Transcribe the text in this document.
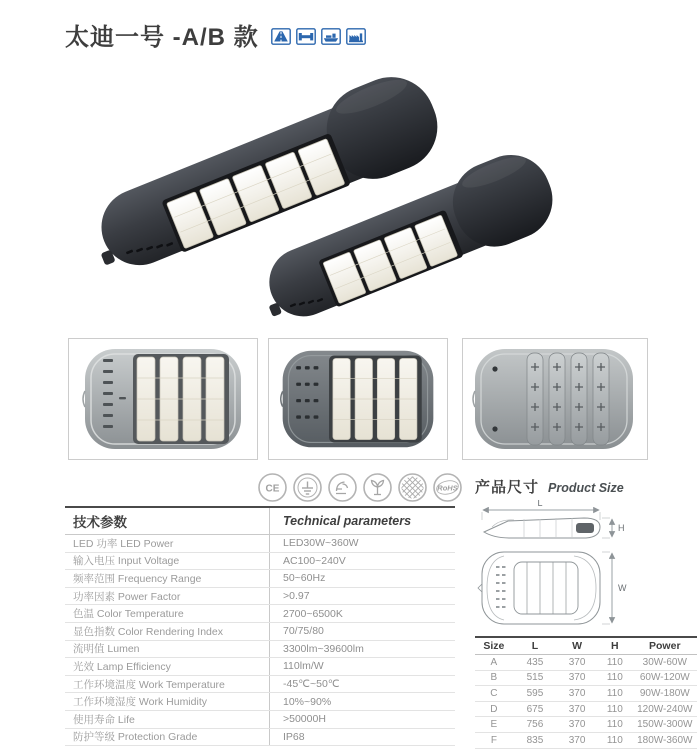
太迪一号 -A/B 款
CE	RoHS
技术参数	Technical parameters
LED 功率 LED Power	LED30W~360W
输入电压 Input Voltage	AC100~240V
频率范围 Frequency Range	50~60Hz
功率因素 Power Factor	>0.97
色温 Color Temperature	2700~6500K
显色指数 Color Rendering Index	70/75/80
流明值 Lumen	3300lm~39600lm
光效 Lamp Efficiency	110lm/W
工作环境温度 Work Temperature	-45℃~50℃
工作环境湿度 Work Humidity	10%~90%
使用寿命 Life	>50000H
防护等级 Protection Grade	IP68
产品尺寸 Product Size
L
H
W
Size	L	W	H	Power
A	435	370	110	30W-60W
B	515	370	110	60W-120W
C	595	370	110	90W-180W
D	675	370	110	120W-240W
E	756	370	110	150W-300W
F	835	370	110	180W-360W
